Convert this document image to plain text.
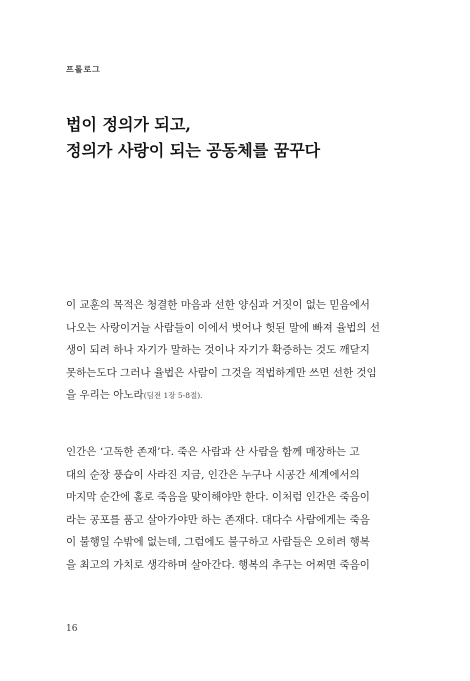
프롤로그
법이 정의가 되고,
정의가 사랑이 되는 공동체를 꿈꾸다
이 교훈의 목적은 청결한 마음과 선한 양심과 거짓이 없는 믿음에서
나오는 사랑이거늘 사람들이 이에서 벗어나 헛된 말에 빠져 율법의 선
생이 되려 하나 자기가 말하는 것이나 자기가 확증하는 것도 깨닫지
못하는도다 그러나 율법은 사람이 그것을 적법하게만 쓰면 선한 것임
을 우리는 아노라(딤전 1장 5-8절).
인간은 ‘고독한 존재’다. 죽은 사람과 산 사람을 함께 매장하는 고
대의 순장 풍습이 사라진 지금, 인간은 누구나 시공간 세계에서의
마지막 순간에 홀로 죽음을 맞이해야만 한다. 이처럼 인간은 죽음이
라는 공포를 품고 살아가야만 하는 존재다. 대다수 사람에게는 죽음
이 불행일 수밖에 없는데, 그럼에도 불구하고 사람들은 오히려 행복
을 최고의 가치로 생각하며 살아간다. 행복의 추구는 어쩌면 죽음이
16
